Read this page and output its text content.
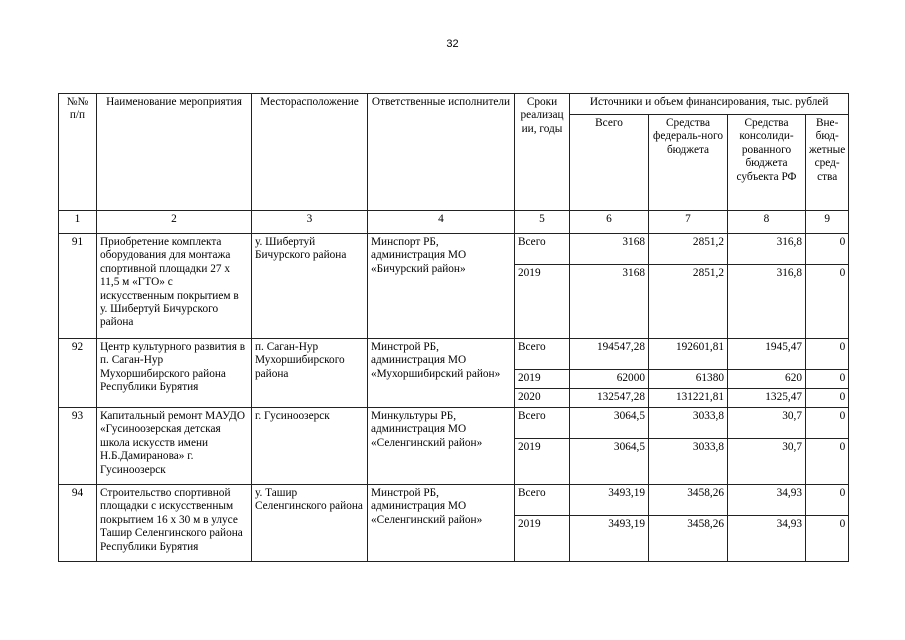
32
№№ п/п	Наименование мероприятия	Месторасположение	Ответственные исполнители	Сроки реализац ии, годы	Источники и объем финансирования, тыс. рублей			
					Всего	Средства федераль-ного бюджета	Средства консолиди-рованного бюджета субъекта РФ	Вне-бюд-жетные сред-ства
1	2	3	4	5	6	7	8	9
91	Приобретение комплекта оборудования для монтажа спортивной площадки 27 х 11,5 м «ГТО» с искусственным покрытием в у. Шибертуй Бичурского района	у. Шибертуй Бичурского района	Минспорт РБ, администрация МО «Бичурский район»	Всего	3168	2851,2	316,8	0
				2019	3168	2851,2	316,8	0
92	Центр культурного развития в п. Саган-Нур Мухоршибирского района Республики Бурятия	п. Саган-Нур Мухоршибирского района	Минстрой РБ, администрация МО «Мухоршибирский район»	Всего	194547,28	192601,81	1945,47	0
				2019	62000	61380	620	0
				2020	132547,28	131221,81	1325,47	0
93	Капитальный ремонт МАУДО «Гусиноозерская детская школа искусств имени Н.Б.Дамиранова» г. Гусиноозерск	г. Гусиноозерск	Минкультуры РБ, администрация МО «Селенгинский район»	Всего	3064,5	3033,8	30,7	0
				2019	3064,5	3033,8	30,7	0
94	Строительство спортивной площадки с искусственным покрытием 16 х 30 м в улусе Ташир Селенгинского района Республики Бурятия	у. Ташир Селенгинского района	Минстрой РБ, администрация МО «Селенгинский район»	Всего	3493,19	3458,26	34,93	0
				2019	3493,19	3458,26	34,93	0
